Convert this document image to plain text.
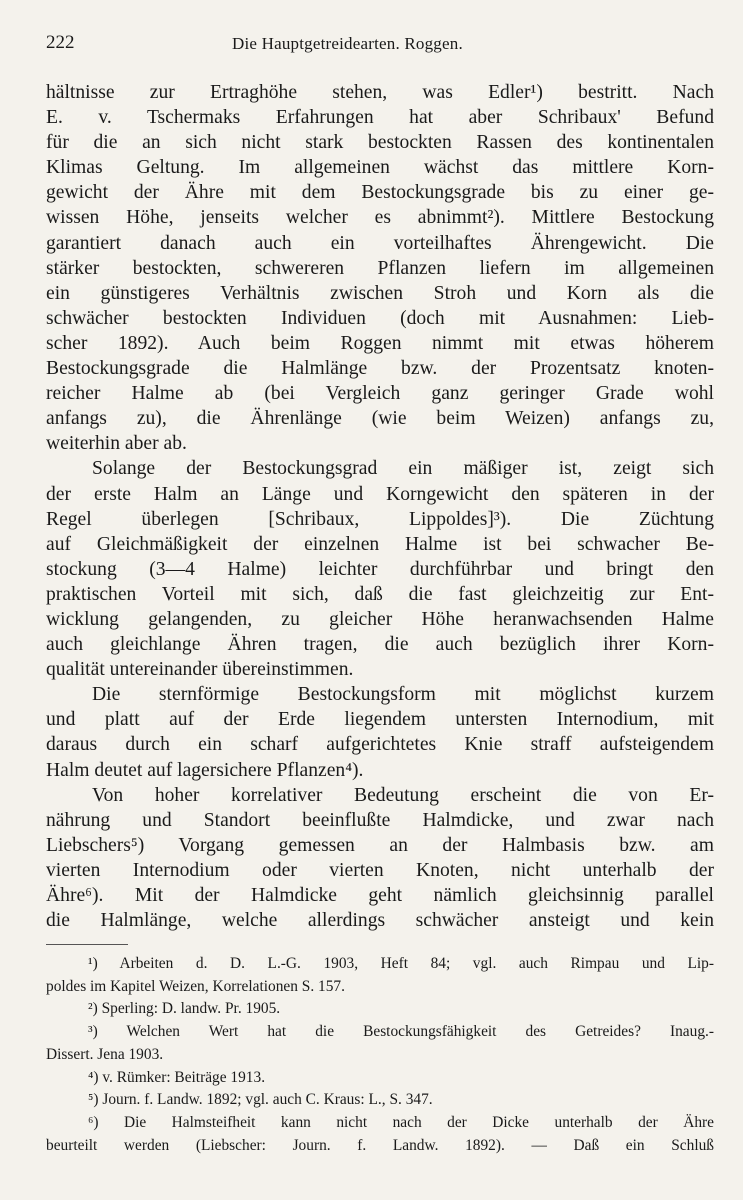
222	Die Hauptgetreidearten. Roggen.
hältnisse zur Ertraghöhe stehen, was Edler¹) bestritt. Nach
E. v. Tschermaks Erfahrungen hat aber Schribaux' Befund
für die an sich nicht stark bestockten Rassen des kontinentalen
Klimas Geltung. Im allgemeinen wächst das mittlere Korn-
gewicht der Ähre mit dem Bestockungsgrade bis zu einer ge-
wissen Höhe, jenseits welcher es abnimmt²). Mittlere Bestockung
garantiert danach auch ein vorteilhaftes Ährengewicht. Die
stärker bestockten, schwereren Pflanzen liefern im allgemeinen
ein günstigeres Verhältnis zwischen Stroh und Korn als die
schwächer bestockten Individuen (doch mit Ausnahmen: Lieb-
scher 1892). Auch beim Roggen nimmt mit etwas höherem
Bestockungsgrade die Halmlänge bzw. der Prozentsatz knoten-
reicher Halme ab (bei Vergleich ganz geringer Grade wohl
anfangs zu), die Ährenlänge (wie beim Weizen) anfangs zu,
weiterhin aber ab.
Solange der Bestockungsgrad ein mäßiger ist, zeigt sich
der erste Halm an Länge und Korngewicht den späteren in der
Regel überlegen [Schribaux, Lippoldes]³). Die Züchtung
auf Gleichmäßigkeit der einzelnen Halme ist bei schwacher Be-
stockung (3—4 Halme) leichter durchführbar und bringt den
praktischen Vorteil mit sich, daß die fast gleichzeitig zur Ent-
wicklung gelangenden, zu gleicher Höhe heranwachsenden Halme
auch gleichlange Ähren tragen, die auch bezüglich ihrer Korn-
qualität untereinander übereinstimmen.
Die sternförmige Bestockungsform mit möglichst kurzem
und platt auf der Erde liegendem untersten Internodium, mit
daraus durch ein scharf aufgerichtetes Knie straff aufsteigendem
Halm deutet auf lagersichere Pflanzen⁴).
Von hoher korrelativer Bedeutung erscheint die von Er-
nährung und Standort beeinflußte Halmdicke, und zwar nach
Liebschers⁵) Vorgang gemessen an der Halmbasis bzw. am
vierten Internodium oder vierten Knoten, nicht unterhalb der
Ähre⁶). Mit der Halmdicke geht nämlich gleichsinnig parallel
die Halmlänge, welche allerdings schwächer ansteigt und kein
¹) Arbeiten d. D. L.-G. 1903, Heft 84; vgl. auch Rimpau und Lip-
poldes im Kapitel Weizen, Korrelationen S. 157.
²) Sperling: D. landw. Pr. 1905.
³) Welchen Wert hat die Bestockungsfähigkeit des Getreides? Inaug.-
Dissert. Jena 1903.
⁴) v. Rümker: Beiträge 1913.
⁵) Journ. f. Landw. 1892; vgl. auch C. Kraus: L., S. 347.
⁶) Die Halmsteifheit kann nicht nach der Dicke unterhalb der Ähre
beurteilt werden (Liebscher: Journ. f. Landw. 1892). — Daß ein Schluß
